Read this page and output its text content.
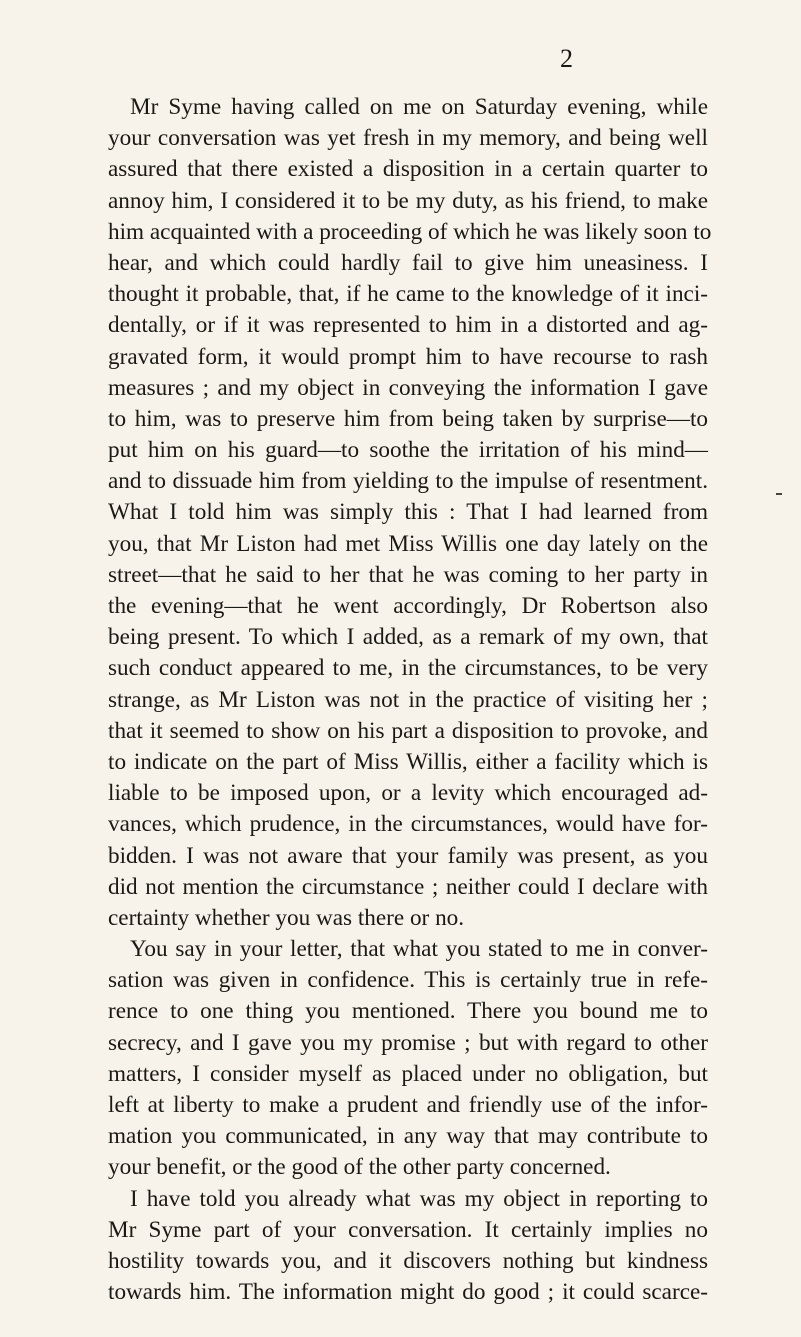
2
Mr Syme having called on me on Saturday evening, while
your conversation was yet fresh in my memory, and being well
assured that there existed a disposition in a certain quarter to
annoy him, I considered it to be my duty, as his friend, to make
him acquainted with a proceeding of which he was likely soon to
hear, and which could hardly fail to give him uneasiness. I
thought it probable, that, if he came to the knowledge of it inci-
dentally, or if it was represented to him in a distorted and ag-
gravated form, it would prompt him to have recourse to rash
measures ; and my object in conveying the information I gave
to him, was to preserve him from being taken by surprise—to
put him on his guard—to soothe the irritation of his mind—
and to dissuade him from yielding to the impulse of resentment.
What I told him was simply this : That I had learned from
you, that Mr Liston had met Miss Willis one day lately on the
street—that he said to her that he was coming to her party in
the evening—that he went accordingly, Dr Robertson also
being present. To which I added, as a remark of my own, that
such conduct appeared to me, in the circumstances, to be very
strange, as Mr Liston was not in the practice of visiting her ;
that it seemed to show on his part a disposition to provoke, and
to indicate on the part of Miss Willis, either a facility which is
liable to be imposed upon, or a levity which encouraged ad-
vances, which prudence, in the circumstances, would have for-
bidden. I was not aware that your family was present, as you
did not mention the circumstance ; neither could I declare with
certainty whether you was there or no.
You say in your letter, that what you stated to me in conver-
sation was given in confidence. This is certainly true in refe-
rence to one thing you mentioned. There you bound me to
secrecy, and I gave you my promise ; but with regard to other
matters, I consider myself as placed under no obligation, but
left at liberty to make a prudent and friendly use of the infor-
mation you communicated, in any way that may contribute to
your benefit, or the good of the other party concerned.
I have told you already what was my object in reporting to
Mr Syme part of your conversation. It certainly implies no
hostility towards you, and it discovers nothing but kindness
towards him. The information might do good ; it could scarce-
